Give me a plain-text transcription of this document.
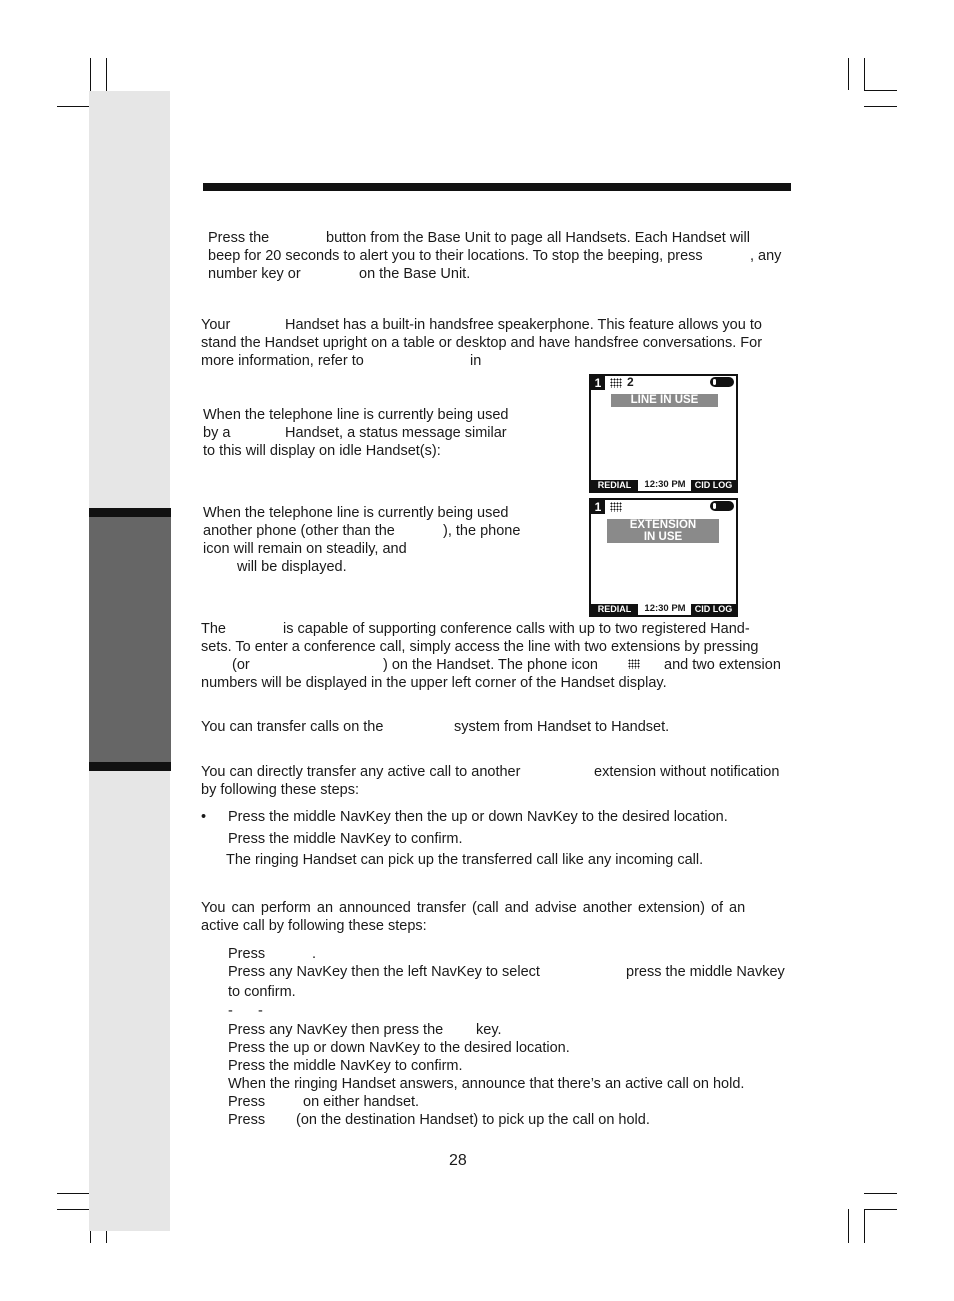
Press the	button from the Base Unit to page all Handsets. Each Handset will
beep for 20 seconds to alert you to their locations. To stop the beeping, press	, any
number key or	on the Base Unit.
Your	Handset has a built-in handsfree speakerphone. This feature allows you to
stand the Handset upright on a table or desktop and have handsfree conversations. For
more information, refer to	in
When the telephone line is currently being used
by a	Handset, a status message similar
to this will display on idle Handset(s):
1	2
LINE IN USE
REDIAL	12:30 PM	CID LOG
When the telephone line is currently being used
another phone (other than the	), the phone
icon will remain on steadily, and
will be displayed.
1
EXTENSION
IN USE
REDIAL	12:30 PM	CID LOG
The	is capable of supporting conference calls with up to two registered Hand-
sets. To enter a conference call, simply access the line with two extensions by pressing
(or	) on the Handset. The phone icon	and two extension
numbers will be displayed in the upper left corner of the Handset display.
You can transfer calls on the	system from Handset to Handset.
You can directly transfer any active call to another	extension without notification
by following these steps:
• Press the middle NavKey then the up or down NavKey to the desired location.
Press the middle NavKey to confirm.
The ringing Handset can pick up the transferred call like any incoming call.
You can perform an announced transfer (call and advise another extension) of an
active call by following these steps:
Press	.
Press any NavKey then the left NavKey to select	press the middle Navkey
to confirm.
- -
Press any NavKey then press the key.
Press the up or down NavKey to the desired location.
Press the middle NavKey to confirm.
When the ringing Handset answers, announce that there’s an active call on hold.
Press	on either handset.
Press (on the destination Handset) to pick up the call on hold.
28
